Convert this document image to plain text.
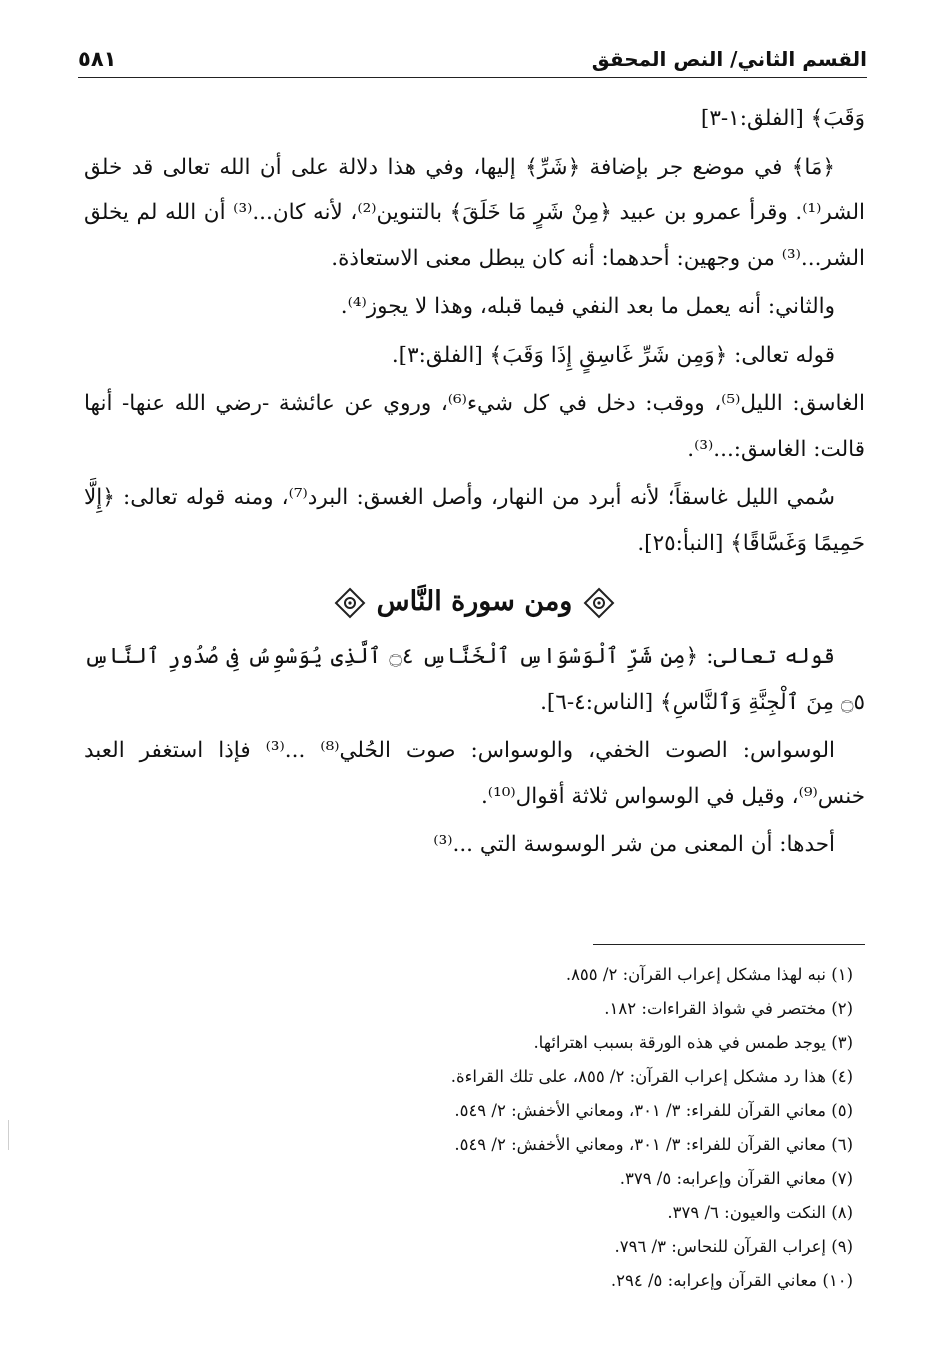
القسم الثاني/ النص المحقق
٥٨١

وَقَبَ﴾ [الفلق:١-٣]

﴿مَا﴾ في موضع جر بإضافة ﴿شَرِّ﴾ إليها، وفي هذا دلالة على أن الله تعالى قد خلق الشر⁽¹⁾. وقرأ عمرو بن عبيد ﴿مِنْ شَرٍ مَا خَلَقَ﴾ بالتنوين⁽²⁾، لأنه كان...⁽³⁾ أن الله لم يخلق الشر...⁽³⁾ من وجهين: أحدهما: أنه كان يبطل معنى الاستعاذة.

والثاني: أنه يعمل ما بعد النفي فيما قبله، وهذا لا يجوز⁽⁴⁾.

قوله تعالى: ﴿وَمِن شَرِّ غَاسِقٍ إِذَا وَقَبَ﴾ [الفلق:٣].

الغاسق: الليل⁽⁵⁾، ووقب: دخل في كل شيء⁽⁶⁾، وروي عن عائشة -رضي الله عنها- أنها قالت: الغاسق:...⁽³⁾.

سُمي الليل غاسقاً؛ لأنه أبرد من النهار، وأصل الغسق: البرد⁽⁷⁾، ومنه قوله تعالى: ﴿إِلَّا حَمِيمًا وَغَسَّاقًا﴾ [النبأ:٢٥].

ومن سورة النَّاس

قوله تعالى: ﴿مِن شَرِّ ٱلْوَسْوَاسِ ٱلْخَنَّاسِ ۝٤ ٱلَّذِى يُوَسْوِسُ فِى صُدُورِ ٱلنَّاسِ ۝٥ مِنَ ٱلْجِنَّةِ وَٱلنَّاسِ﴾ [الناس:٤-٦].

الوسواس: الصوت الخفي، والوسواس: صوت الحُلي⁽⁸⁾ ...⁽³⁾ فإذا استغفر العبد خنس⁽⁹⁾، وقيل في الوسواس ثلاثة أقوال⁽¹⁰⁾.

أحدها: أن المعنى من شر الوسوسة التي ...⁽³⁾

(١) نبه لهذا مشكل إعراب القرآن: ٢/ ٨٥٥.
(٢) مختصر في شواذ القراءات: ١٨٢.
(٣) يوجد طمس في هذه الورقة بسبب اهترائها.
(٤) هذا رد مشكل إعراب القرآن: ٢/ ٨٥٥، على تلك القراءة.
(٥) معاني القرآن للفراء: ٣/ ٣٠١، ومعاني الأخفش: ٢/ ٥٤٩.
(٦) معاني القرآن للفراء: ٣/ ٣٠١، ومعاني الأخفش: ٢/ ٥٤٩.
(٧) معاني القرآن وإعرابه: ٥/ ٣٧٩.
(٨) النكت والعيون: ٦/ ٣٧٩.
(٩) إعراب القرآن للنحاس: ٣/ ٧٩٦.
(١٠) معاني القرآن وإعرابه: ٥/ ٢٩٤.
